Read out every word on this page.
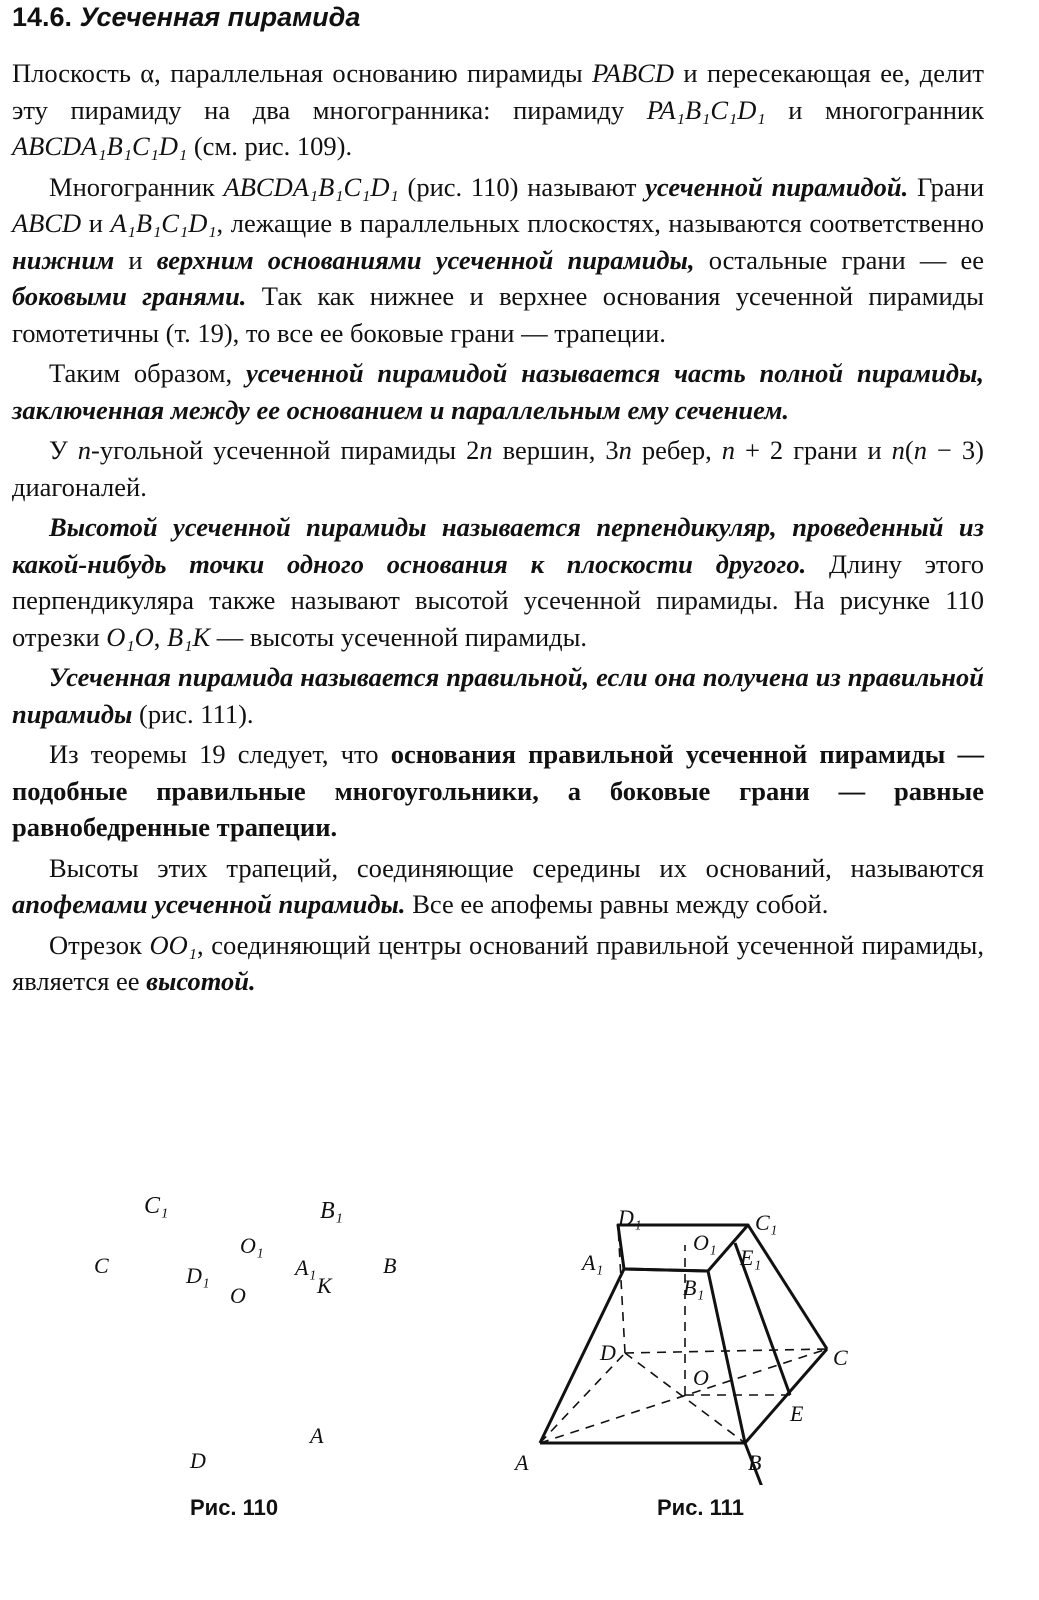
14.6. Усеченная пирамида

Плоскость α, параллельная основанию пирамиды PABCD и пересекающая ее, делит эту пирамиду на два многогранника: пирамиду PA₁B₁C₁D₁ и многогранник ABCDA₁B₁C₁D₁ (см. рис. 109).

Многогранник ABCDA₁B₁C₁D₁ (рис. 110) называют усеченной пирамидой. Грани ABCD и A₁B₁C₁D₁, лежащие в параллельных плоскостях, называются соответственно нижним и верхним основаниями усеченной пирамиды, остальные грани — ее боковыми гранями. Так как нижнее и верхнее основания усеченной пирамиды гомотетичны (т. 19), то все ее боковые грани — трапеции.

Таким образом, усеченной пирамидой называется часть полной пирамиды, заключенная между ее основанием и параллельным ему сечением.

У n-угольной усеченной пирамиды 2n вершин, 3n ребер, n + 2 грани и n(n − 3) диагоналей.

Высотой усеченной пирамиды называется перпендикуляр, проведенный из какой-нибудь точки одного основания к плоскости другого. Длину этого перпендикуляра также называют высотой усеченной пирамиды. На рисунке 110 отрезки O₁O, B₁K — высоты усеченной пирамиды.

Усеченная пирамида называется правильной, если она получена из правильной пирамиды (рис. 111).

Из теоремы 19 следует, что основания правильной усеченной пирамиды — подобные правильные многоугольники, а боковые грани — равные равнобедренные трапеции.

Высоты этих трапеций, соединяющие середины их оснований, называются апофемами усеченной пирамиды. Все ее апофемы равны между собой.

Отрезок OO₁, соединяющий центры оснований правильной усеченной пирамиды, является ее высотой.

C₁	B₁
O₁
D₁	A₁
C	B
O	K
D
A
D₁	C₁
A₁
O₁
E₁
B₁
D	C
O
E
A	B
Рис. 110	Рис. 111
